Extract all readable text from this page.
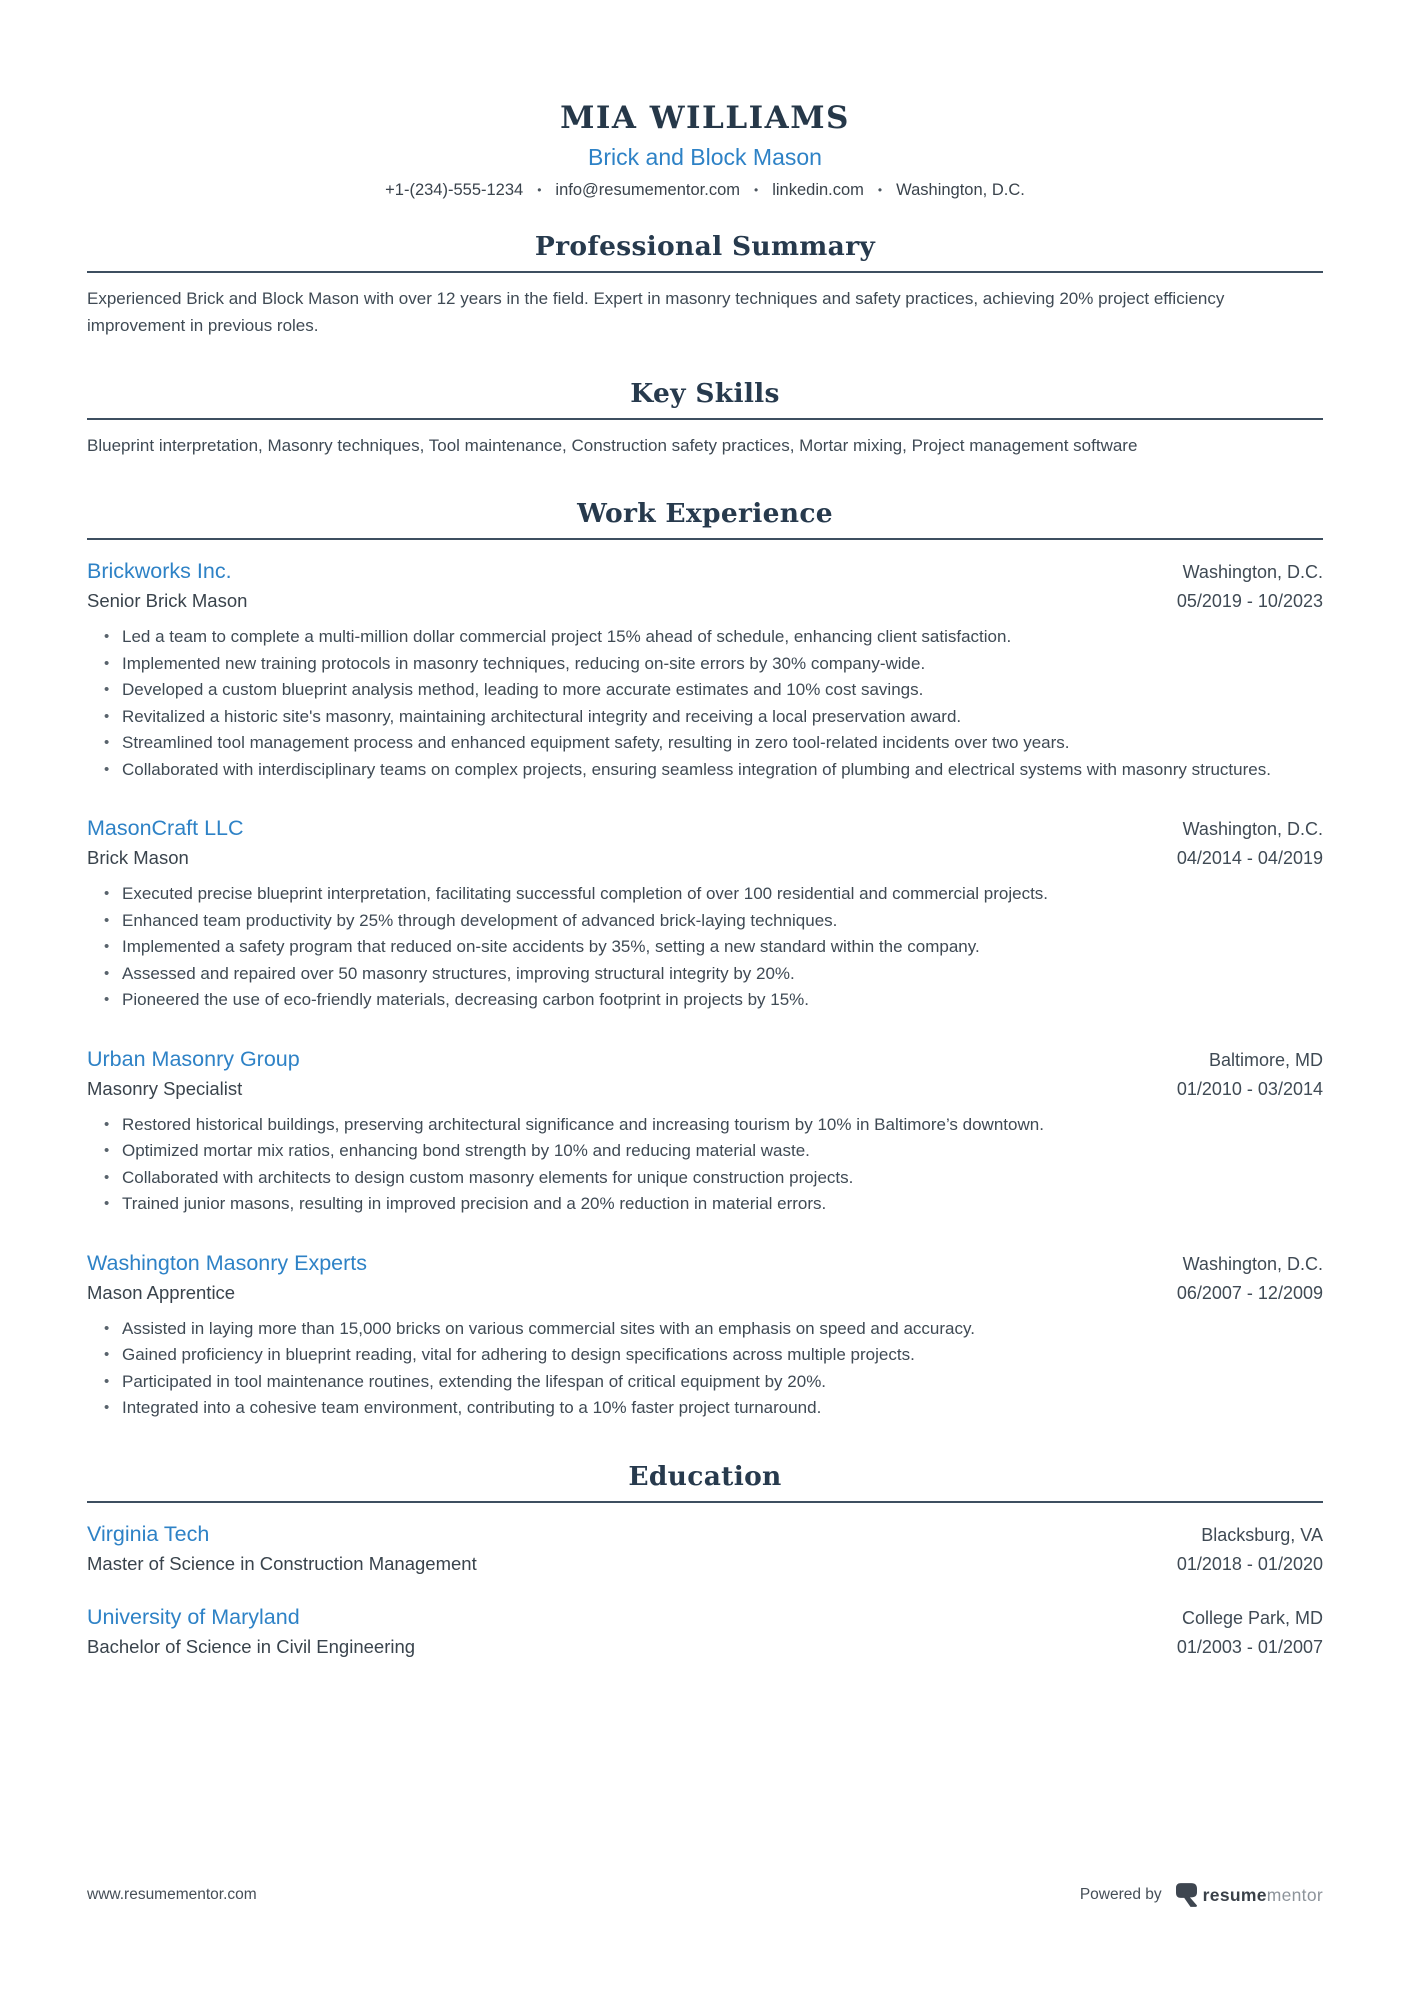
MIA WILLIAMS
Brick and Block Mason
+1-(234)-555-1234 • info@resumementor.com • linkedin.com • Washington, D.C.
Professional Summary

Experienced Brick and Block Mason with over 12 years in the field. Expert in masonry techniques and safety practices, achieving 20% project efficiency improvement in previous roles.

Key Skills

Blueprint interpretation, Masonry techniques, Tool maintenance, Construction safety practices, Mortar mixing, Project management software

Work Experience
Brickworks Inc.	Washington, D.C.
Senior Brick Mason	05/2019 - 10/2023
• Led a team to complete a multi-million dollar commercial project 15% ahead of schedule, enhancing client satisfaction.
• Implemented new training protocols in masonry techniques, reducing on-site errors by 30% company-wide.
• Developed a custom blueprint analysis method, leading to more accurate estimates and 10% cost savings.
• Revitalized a historic site's masonry, maintaining architectural integrity and receiving a local preservation award.
• Streamlined tool management process and enhanced equipment safety, resulting in zero tool-related incidents over two years.
• Collaborated with interdisciplinary teams on complex projects, ensuring seamless integration of plumbing and electrical systems with masonry structures.
MasonCraft LLC	Washington, D.C.
Brick Mason	04/2014 - 04/2019
• Executed precise blueprint interpretation, facilitating successful completion of over 100 residential and commercial projects.
• Enhanced team productivity by 25% through development of advanced brick-laying techniques.
• Implemented a safety program that reduced on-site accidents by 35%, setting a new standard within the company.
• Assessed and repaired over 50 masonry structures, improving structural integrity by 20%.
• Pioneered the use of eco-friendly materials, decreasing carbon footprint in projects by 15%.
Urban Masonry Group	Baltimore, MD
Masonry Specialist	01/2010 - 03/2014
• Restored historical buildings, preserving architectural significance and increasing tourism by 10% in Baltimore’s downtown.
• Optimized mortar mix ratios, enhancing bond strength by 10% and reducing material waste.
• Collaborated with architects to design custom masonry elements for unique construction projects.
• Trained junior masons, resulting in improved precision and a 20% reduction in material errors.
Washington Masonry Experts	Washington, D.C.
Mason Apprentice	06/2007 - 12/2009
• Assisted in laying more than 15,000 bricks on various commercial sites with an emphasis on speed and accuracy.
• Gained proficiency in blueprint reading, vital for adhering to design specifications across multiple projects.
• Participated in tool maintenance routines, extending the lifespan of critical equipment by 20%.
• Integrated into a cohesive team environment, contributing to a 10% faster project turnaround.
Education
Virginia Tech	Blacksburg, VA
Master of Science in Construction Management	01/2018 - 01/2020
University of Maryland	College Park, MD
Bachelor of Science in Civil Engineering	01/2003 - 01/2007
www.resumementor.com	Powered by resumementor
